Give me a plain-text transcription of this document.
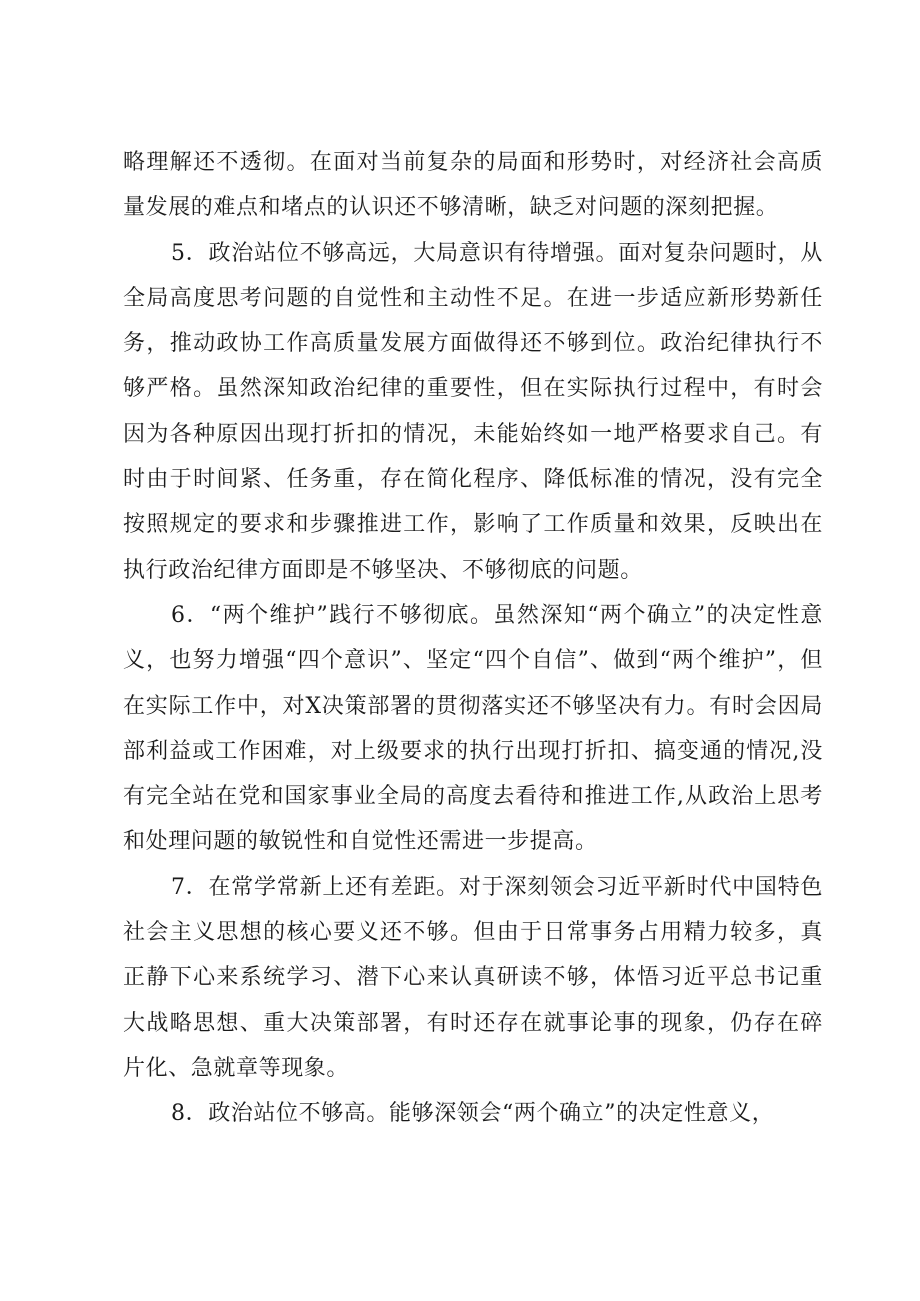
略理解还不透彻。在面对当前复杂的局面和形势时，对经济社会高质量发展的难点和堵点的认识还不够清晰，缺乏对问题的深刻把握。

5．政治站位不够高远，大局意识有待增强。面对复杂问题时，从全局高度思考问题的自觉性和主动性不足。在进一步适应新形势新任务，推动政协工作高质量发展方面做得还不够到位。政治纪律执行不够严格。虽然深知政治纪律的重要性，但在实际执行过程中，有时会因为各种原因出现打折扣的情况，未能始终如一地严格要求自己。有时由于时间紧、任务重，存在简化程序、降低标准的情况，没有完全按照规定的要求和步骤推进工作，影响了工作质量和效果，反映出在执行政治纪律方面即是不够坚决、不够彻底的问题。

6．“两个维护”践行不够彻底。虽然深知“两个确立”的决定性意义，也努力增强“四个意识”、坚定“四个自信”、做到“两个维护”，但在实际工作中，对X决策部署的贯彻落实还不够坚决有力。有时会因局部利益或工作困难，对上级要求的执行出现打折扣、搞变通的情况,没有完全站在党和国家事业全局的高度去看待和推进工作,从政治上思考和处理问题的敏锐性和自觉性还需进一步提高。

7．在常学常新上还有差距。对于深刻领会习近平新时代中国特色社会主义思想的核心要义还不够。但由于日常事务占用精力较多，真正静下心来系统学习、潜下心来认真研读不够，体悟习近平总书记重大战略思想、重大决策部署，有时还存在就事论事的现象，仍存在碎片化、急就章等现象。

8．政治站位不够高。能够深领会“两个确立”的决定性意义，
